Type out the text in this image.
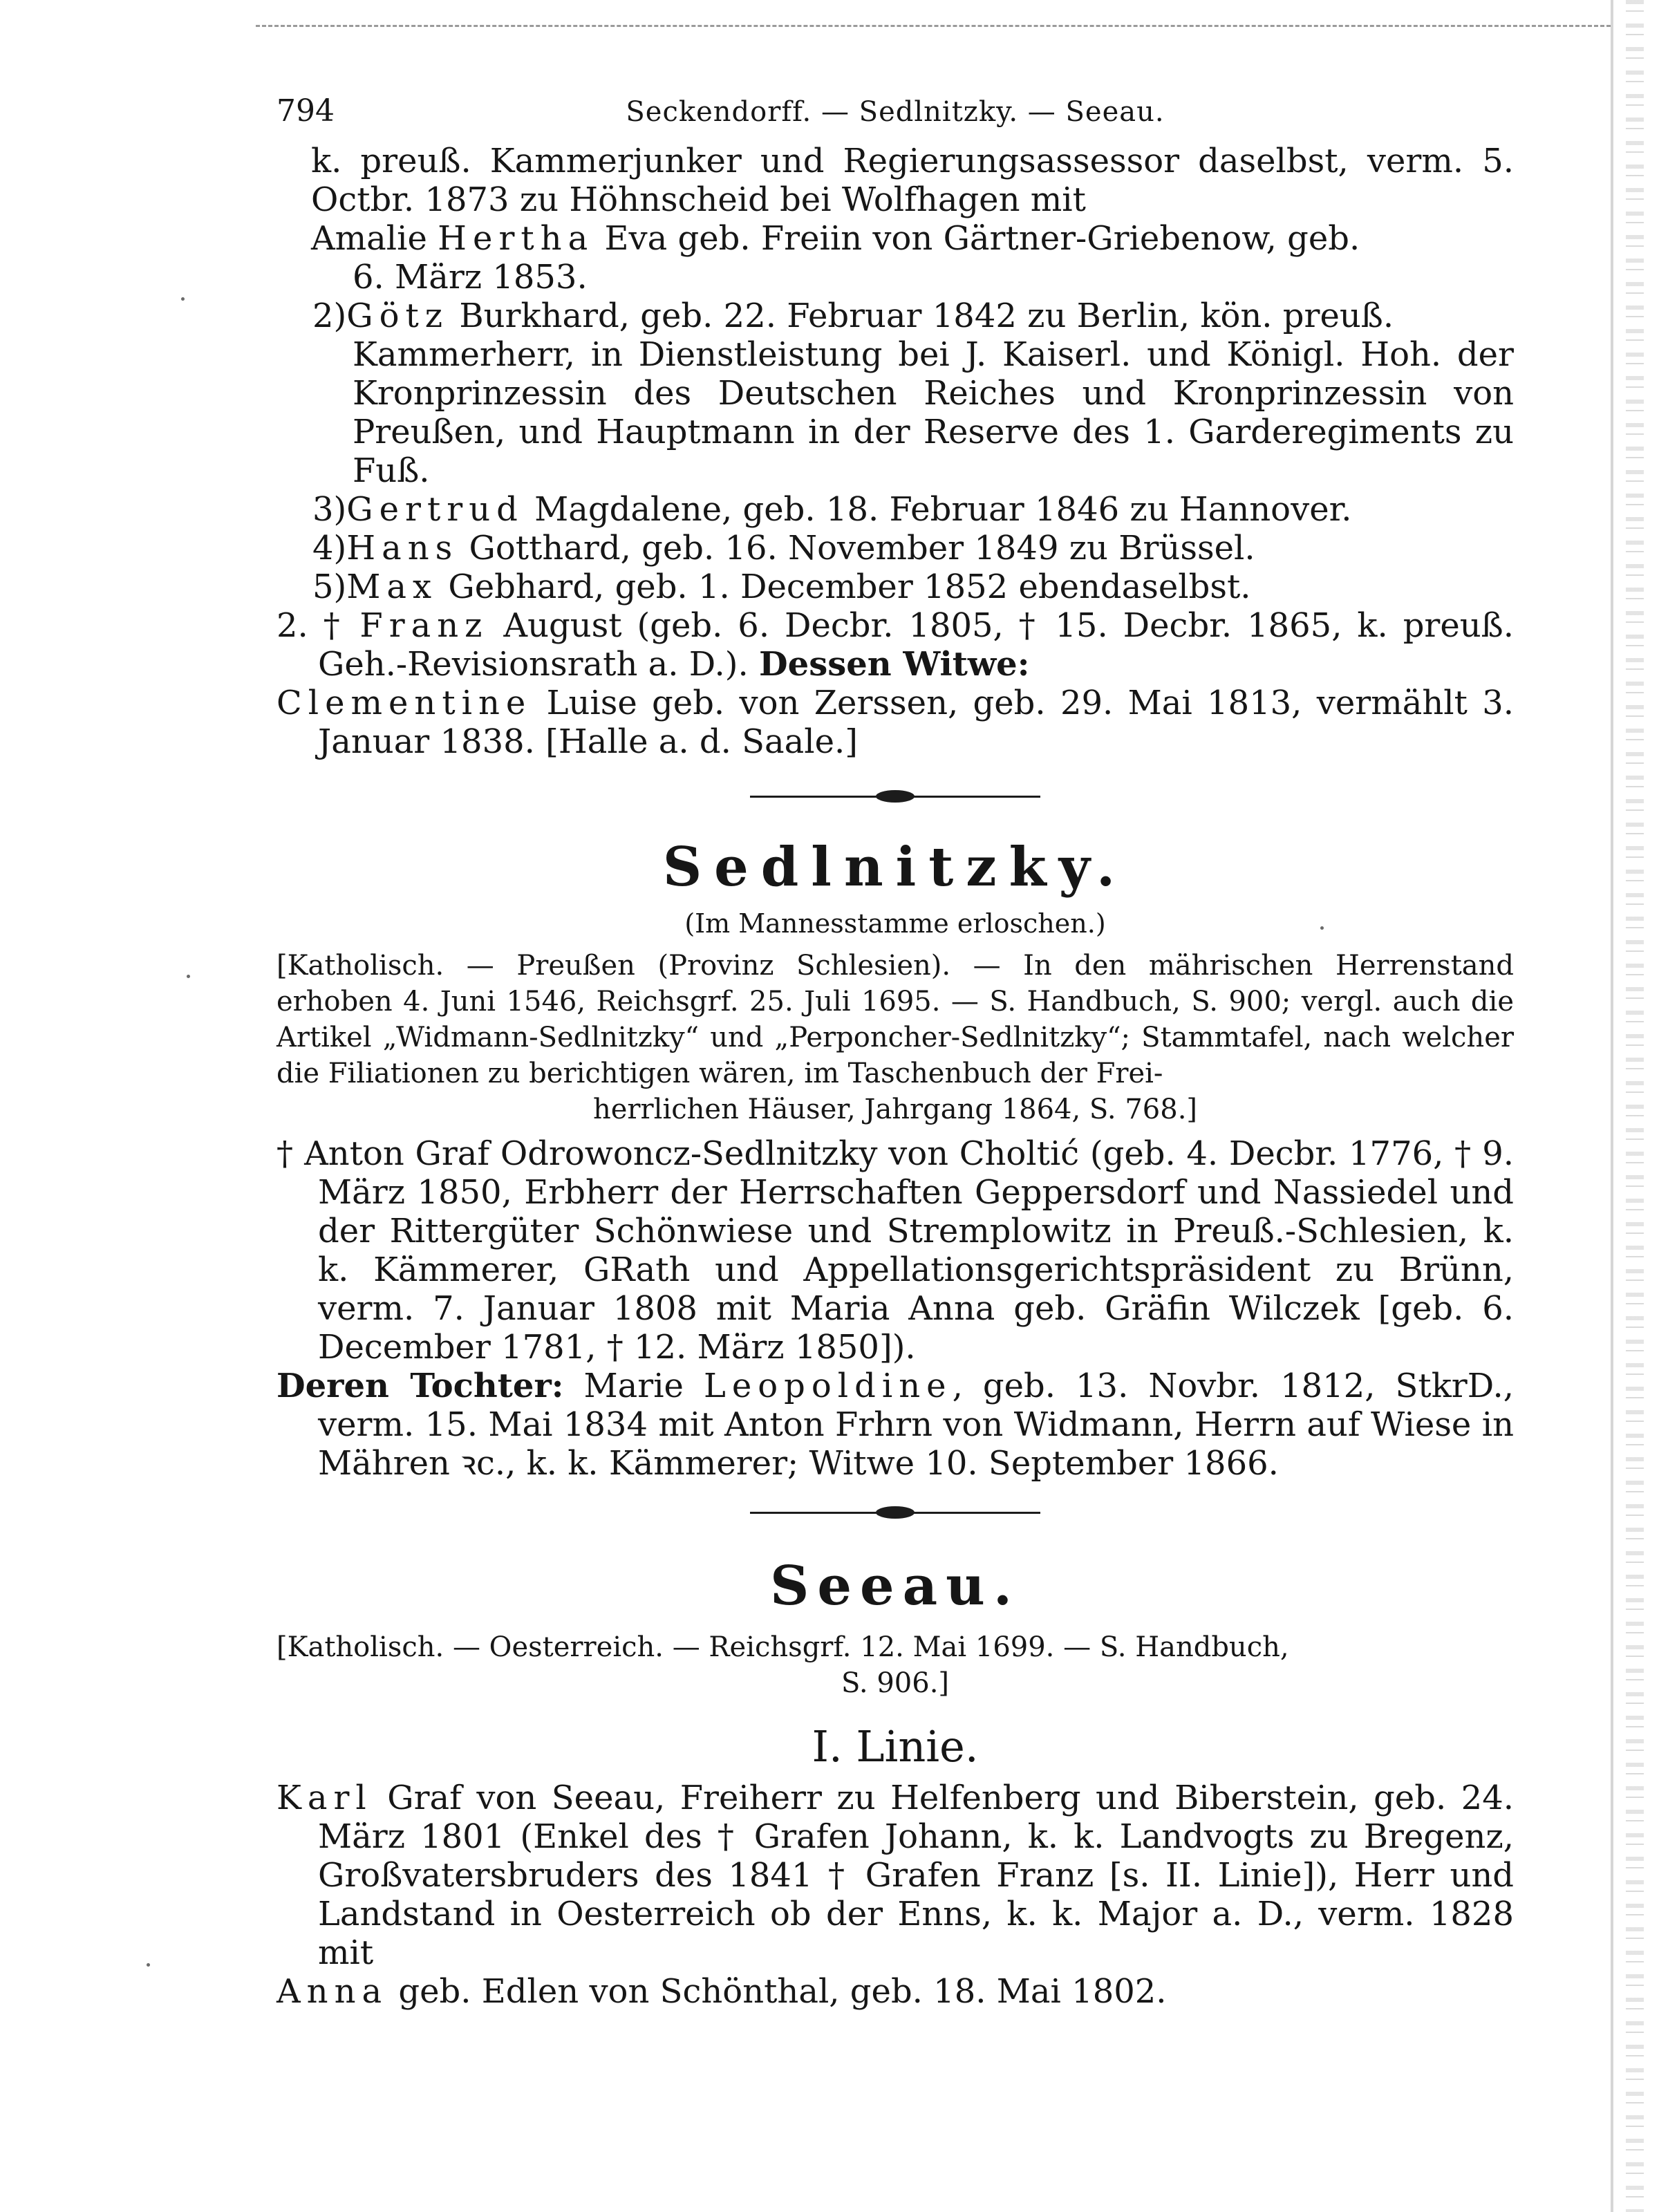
794	Seckendorff. — Sedlnitzky. — Seeau.

k. preuß. Kammerjunker und Regierungsassessor daselbst, verm. 5. Octbr. 1873 zu Höhnscheid bei Wolfhagen mit

Amalie Hertha Eva geb. Freiin von Gärtner-Griebenow, geb.

6. März 1853.

2)Götz Burkhard, geb. 22. Februar 1842 zu Berlin, kön. preuß.

Kammerherr, in Dienstleistung bei J. Kaiserl. und Königl. Hoh. der Kronprinzessin des Deutschen Reiches und Kronprinzessin von Preußen, und Hauptmann in der Reserve des 1. Garderegiments zu Fuß.

3)Gertrud Magdalene, geb. 18. Februar 1846 zu Hannover.

4)Hans Gotthard, geb. 16. November 1849 zu Brüssel.

5)Max Gebhard, geb. 1. December 1852 ebendaselbst.

2. † Franz August (geb. 6. Decbr. 1805, † 15. Decbr. 1865, k. preuß. Geh.-Revisionsrath a. D.). Dessen Witwe:

Clementine Luise geb. von Zerssen, geb. 29. Mai 1813, vermählt 3. Januar 1838. [Halle a. d. Saale.]

Sedlnitzky.
(Im Mannesstamme erloschen.)

[Katholisch. — Preußen (Provinz Schlesien). — In den mährischen Herrenstand erhoben 4. Juni 1546, Reichsgrf. 25. Juli 1695. — S. Handbuch, S. 900; vergl. auch die Artikel „Widmann-Sedlnitzky“ und „Perponcher-Sedlnitzky“; Stammtafel, nach welcher die Filiationen zu berichtigen wären, im Taschenbuch der Frei-

herrlichen Häuser, Jahrgang 1864, S. 768.]

† Anton Graf Odrowoncz-Sedlnitzky von Choltić (geb. 4. Decbr. 1776, † 9. März 1850, Erbherr der Herrschaften Geppersdorf und Nassiedel und der Rittergüter Schönwiese und Stremplowitz in Preuß.-Schlesien, k. k. Kämmerer, GRath und Appellationsgerichtspräsident zu Brünn, verm. 7. Januar 1808 mit Maria Anna geb. Gräfin Wilczek [geb. 6. December 1781, † 12. März 1850]).

Deren Tochter: Marie Leopoldine, geb. 13. Novbr. 1812, StkrD., verm. 15. Mai 1834 mit Anton Frhrn von Widmann, Herrn auf Wiese in Mähren ꝛc., k. k. Kämmerer; Witwe 10. September 1866.

Seeau.

[Katholisch. — Oesterreich. — Reichsgrf. 12. Mai 1699. — S. Handbuch,

S. 906.]

I. Linie.

Karl Graf von Seeau, Freiherr zu Helfenberg und Biberstein, geb. 24. März 1801 (Enkel des † Grafen Johann, k. k. Landvogts zu Bregenz, Großvatersbruders des 1841 † Grafen Franz [s. II. Linie]), Herr und Landstand in Oesterreich ob der Enns, k. k. Major a. D., verm. 1828 mit

Anna geb. Edlen von Schönthal, geb. 18. Mai 1802.
